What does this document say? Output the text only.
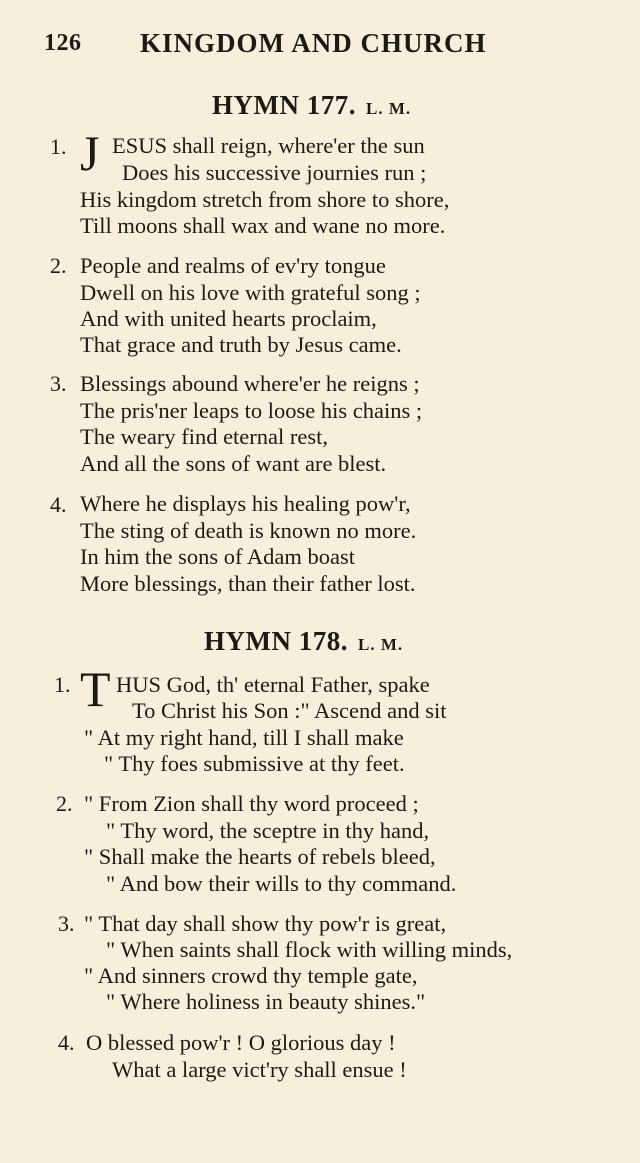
126 KINGDOM AND CHURCH
HYMN 177. L. M.
1. J ESUS shall reign, where'er the sun
Does his successive journies run ;
His kingdom stretch from shore to shore,
Till moons shall wax and wane no more.
2. People and realms of ev'ry tongue
Dwell on his love with grateful song ;
And with united hearts proclaim,
That grace and truth by Jesus came.
3. Blessings abound where'er he reigns ;
The pris'ner leaps to loose his chains ;
The weary find eternal rest,
And all the sons of want are blest.
4. Where he displays his healing pow'r,
The sting of death is known no more.
In him the sons of Adam boast
More blessings, than their father lost.
HYMN 178. L. M.
1. T HUS God, th' eternal Father, spake
To Christ his Son :" Ascend and sit
" At my right hand, till I shall make
" Thy foes submissive at thy feet.
2. " From Zion shall thy word proceed ;
" Thy word, the sceptre in thy hand,
" Shall make the hearts of rebels bleed,
" And bow their wills to thy command.
3. " That day shall show thy pow'r is great,
" When saints shall flock with willing minds,
" And sinners crowd thy temple gate,
" Where holiness in beauty shines."
4. O blessed pow'r ! O glorious day !
What a large vict'ry shall ensue !
